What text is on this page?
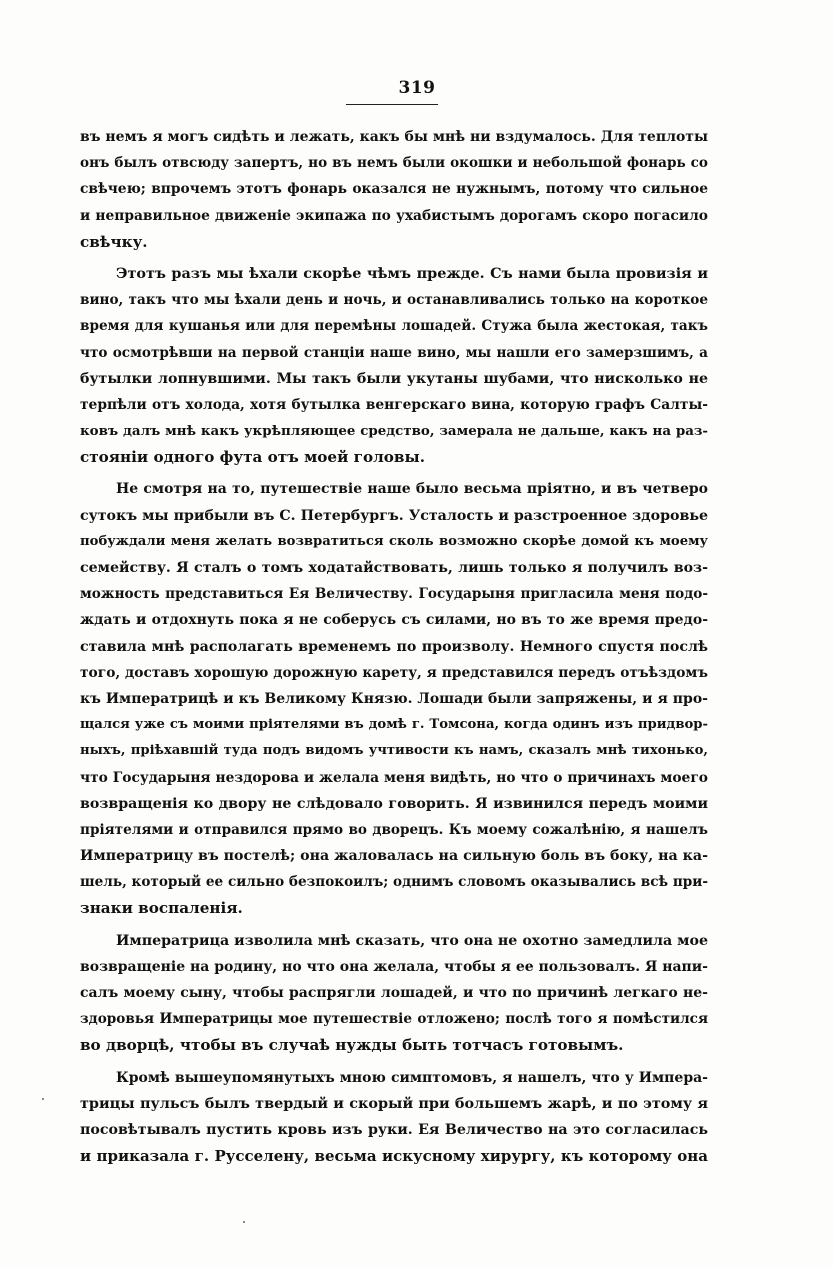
319
въ немъ я могъ сидѣть и лежать, какъ бы мнѣ ни вздумалось. Для теплоты
онъ былъ отвсюду запертъ, но въ немъ были окошки и небольшой фонарь со
свѣчею; впрочемъ этотъ фонарь оказался не нужнымъ, потому что сильное
и неправильное движеніе экипажа по ухабистымъ дорогамъ скоро погасило
свѣчку.
Этотъ разъ мы ѣхали скорѣе чѣмъ прежде. Съ нами была провизія и
вино, такъ что мы ѣхали день и ночь, и останавливались только на короткое
время для кушанья или для перемѣны лошадей. Стужа была жестокая, такъ
что осмотрѣвши на первой станціи наше вино, мы нашли его замерзшимъ, а
бутылки лопнувшими. Мы такъ были укутаны шубами, что нисколько не
терпѣли отъ холода, хотя бутылка венгерскаго вина, которую графъ Салты-
ковъ далъ мнѣ какъ укрѣпляющее средство, замерала не дальше, какъ на раз-
стояніи одного фута отъ моей головы.
Не смотря на то, путешествіе наше было весьма пріятно, и въ четверо
сутокъ мы прибыли въ С. Петербургъ. Усталость и разстроенное здоровье
побуждали меня желать возвратиться сколь возможно скорѣе домой къ моему
семейству. Я сталъ о томъ ходатайствовать, лишь только я получилъ воз-
можность представиться Ея Величеству. Государыня пригласила меня подо-
ждать и отдохнуть пока я не соберусь съ силами, но въ то же время предо-
ставила мнѣ располагать временемъ по произволу. Немного спустя послѣ
того, доставъ хорошую дорожную карету, я представился передъ отъѣздомъ
къ Императрицѣ и къ Великому Князю. Лошади были запряжены, и я про-
щался уже съ моими пріятелями въ домѣ г. Томсона, когда одинъ изъ придвор-
ныхъ, пріѣхавшій туда подъ видомъ учтивости къ намъ, сказалъ мнѣ тихонько,
что Государыня нездорова и желала меня видѣть, но что о причинахъ моего
возвращенія ко двору не слѣдовало говорить. Я извинился передъ моими
пріятелями и отправился прямо во дворецъ. Къ моему сожалѣнію, я нашелъ
Императрицу въ постелѣ; она жаловалась на сильную боль въ боку, на ка-
шель, который ее сильно безпокоилъ; однимъ словомъ оказывались всѣ при-
знаки воспаленія.
Императрица изволила мнѣ сказать, что она не охотно замедлила мое
возвращеніе на родину, но что она желала, чтобы я ее пользовалъ. Я напи-
салъ моему сыну, чтобы распрягли лошадей, и что по причинѣ легкаго не-
здоровья Императрицы мое путешествіе отложено; послѣ того я помѣстился
во дворцѣ, чтобы въ случаѣ нужды быть тотчасъ готовымъ.
Кромѣ вышеупомянутыхъ мною симптомовъ, я нашелъ, что у Импера-
трицы пульсъ былъ твердый и скорый при большемъ жарѣ, и по этому я
посовѣтывалъ пустить кровь изъ руки. Ея Величество на это согласилась
и приказала г. Русселену, весьма искусному хирургу, къ которому она
